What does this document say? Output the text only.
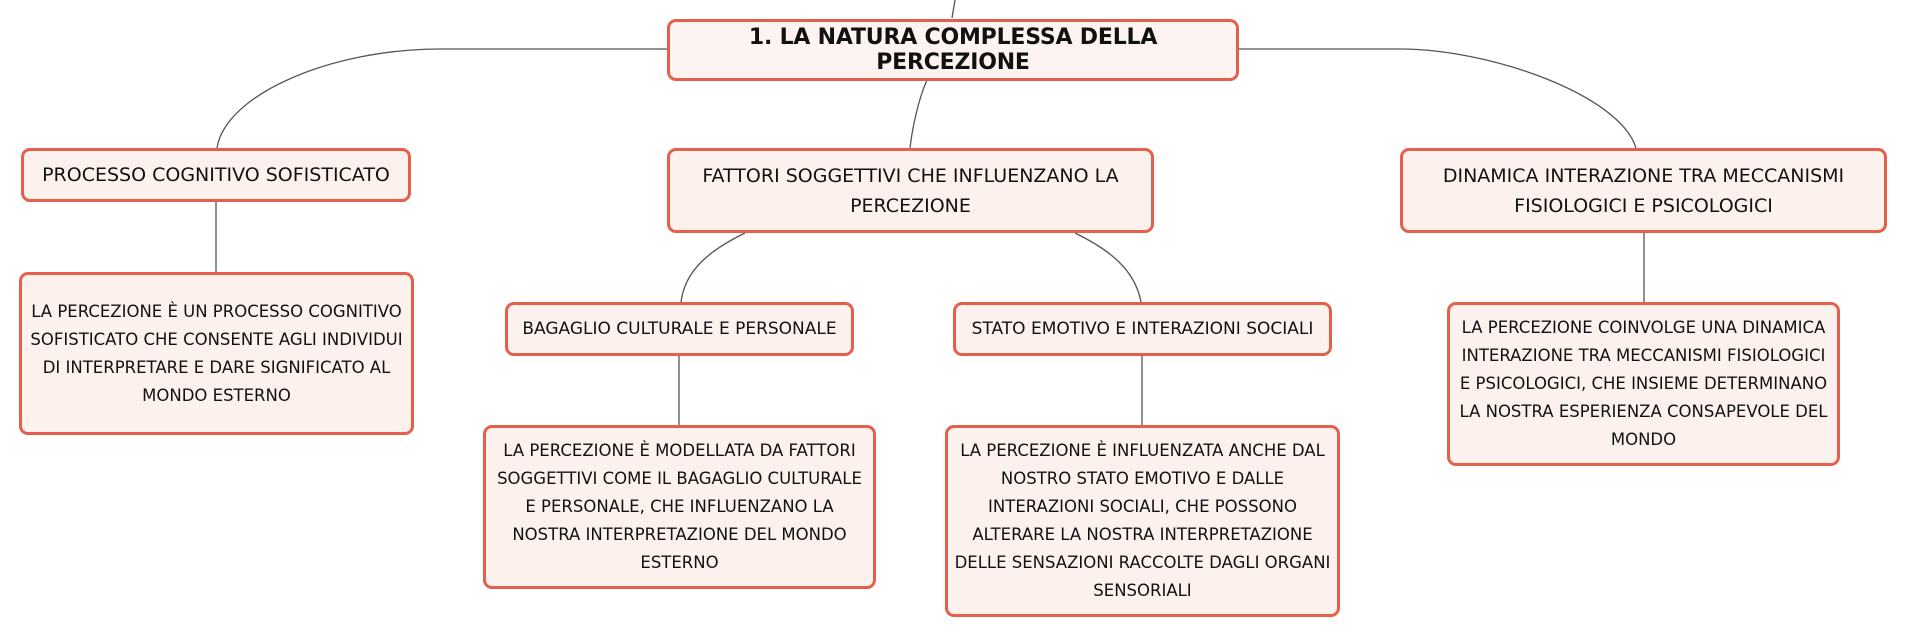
1. LA NATURA COMPLESSA DELLA PERCEZIONE
PROCESSO COGNITIVO SOFISTICATO	FATTORI SOGGETTIVI CHE INFLUENZANO LA PERCEZIONE
DINAMICA INTERAZIONE TRA MECCANISMI FISIOLOGICI E PSICOLOGICI
LA PERCEZIONE È UN PROCESSO COGNITIVO SOFISTICATO CHE CONSENTE AGLI INDIVIDUI DI INTERPRETARE E DARE SIGNIFICATO AL MONDO ESTERNO
BAGAGLIO CULTURALE E PERSONALE	STATO EMOTIVO E INTERAZIONI SOCIALI
LA PERCEZIONE È MODELLATA DA FATTORI SOGGETTIVI COME IL BAGAGLIO CULTURALE E PERSONALE, CHE INFLUENZANO LA NOSTRA INTERPRETAZIONE DEL MONDO ESTERNO
LA PERCEZIONE È INFLUENZATA ANCHE DAL NOSTRO STATO EMOTIVO E DALLE INTERAZIONI SOCIALI, CHE POSSONO ALTERARE LA NOSTRA INTERPRETAZIONE DELLE SENSAZIONI RACCOLTE DAGLI ORGANI SENSORIALI
LA PERCEZIONE COINVOLGE UNA DINAMICA INTERAZIONE TRA MECCANISMI FISIOLOGICI E PSICOLOGICI, CHE INSIEME DETERMINANO LA NOSTRA ESPERIENZA CONSAPEVOLE DEL MONDO
